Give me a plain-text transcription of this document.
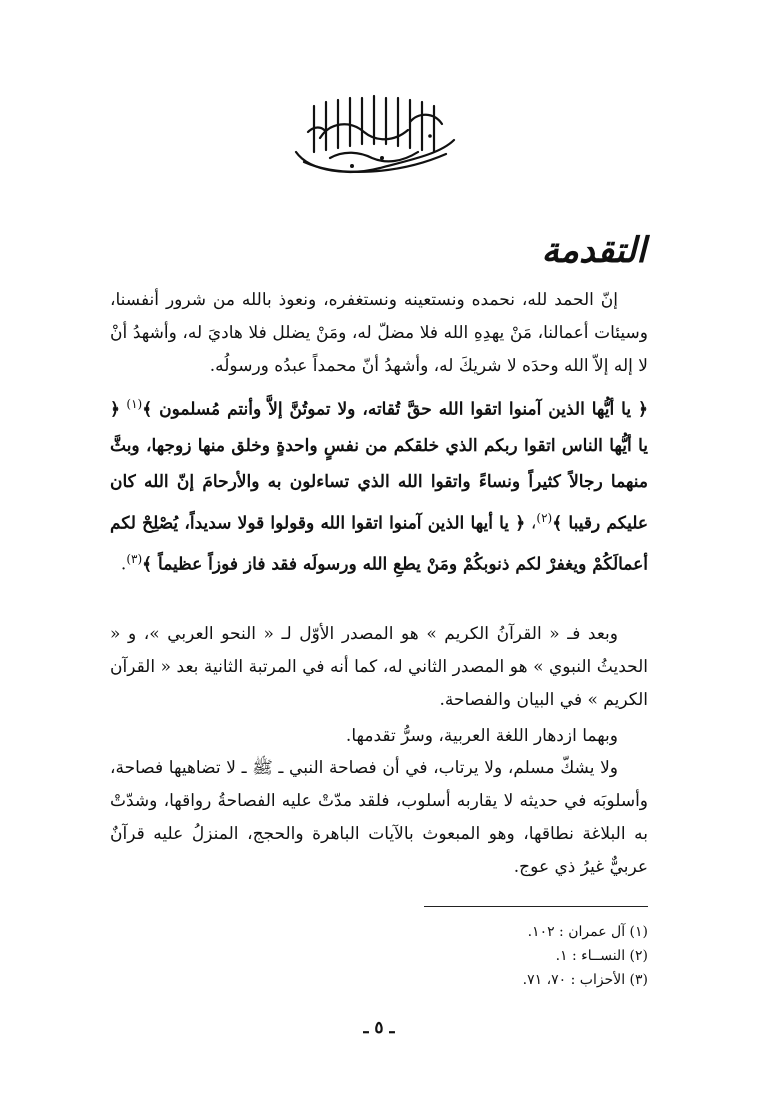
التقدمة

إنّ الحمد لله، نحمده ونستعينه ونستغفره، ونعوذ بالله من شرور أنفسنا، وسيئات أعمالنا، مَنْ يهدِهِ الله فلا مضلّ له، ومَنْ يضلل فلا هاديَ له، وأشهدُ أنْ لا إله إلاّ الله وحدَه لا شريكَ له، وأشهدُ أنّ محمداً عبدُه ورسولُه.

﴿ يا أيُّها الذين آمنوا اتقوا الله حقَّ تُقاته، ولا تموتُنَّ إلاَّ وأنتم مُسلمون ﴾$^{(١)}$ ﴿ يا أيُّها الناس اتقوا ربكم الذي خلقكم من نفسٍ واحدةٍ وخلق منها زوجها، وبثَّ منهما رجالاً كثيراً ونساءً واتقوا الله الذي تساءلون به والأرحامَ إنّ الله كان عليكم رقيبا ﴾$^{(٢)}$، ﴿ يا أيها الذين آمنوا اتقوا الله وقولوا قولا سديداً، يُصْلِحْ لكم أعمالَكُمْ ويغفرْ لكم ذنوبكُمْ ومَنْ يطعِ الله ورسولَه فقد فاز فوزاً عظيماً ﴾$^{(٣)}$.

وبعد فـ « القرآنُ الكريم » هو المصدر الأوّل لـ « النحو العربي »، و « الحديثُ النبوي » هو المصدر الثاني له، كما أنه في المرتبة الثانية بعد « القرآن الكريم » في البيان والفصاحة.

وبهما ازدهار اللغة العربية، وسرُّ تقدمها.

ولا يشكّ مسلم، ولا يرتاب، في أن فصاحة النبي ـ ﷺ ـ لا تضاهيها فصاحة، وأسلوبَه في حديثه لا يقاربه أسلوب، فلقد مدّتْ عليه الفصاحةُ رواقها، وشدّتْ به البلاغة نطاقها، وهو المبعوث بالآيات الباهرة والحجج، المنزلُ عليه قرآنٌ عربيٌّ غيرُ ذي عوج.

(١) آل عمران : ١٠٢.
(٢) النســاء : ١.
(٣) الأحزاب : ٧٠، ٧١.
ـ ٥ ـ
